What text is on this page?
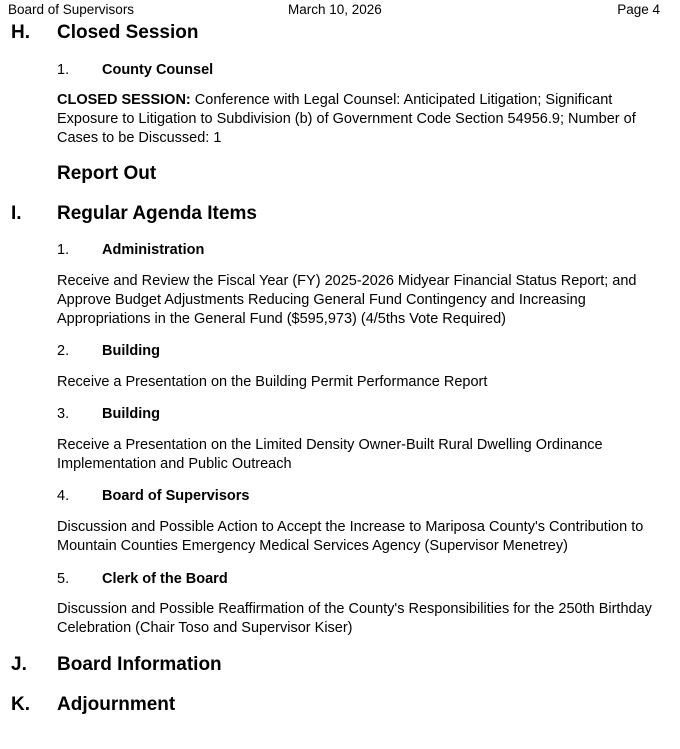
Board of Supervisors	March 10, 2026	Page 4
H. Closed Session
1. County Counsel
CLOSED SESSION: Conference with Legal Counsel: Anticipated Litigation; Significant Exposure to Litigation to Subdivision (b) of Government Code Section 54956.9; Number of Cases to be Discussed: 1
Report Out
I. Regular Agenda Items
1. Administration
Receive and Review the Fiscal Year (FY) 2025-2026 Midyear Financial Status Report; and Approve Budget Adjustments Reducing General Fund Contingency and Increasing Appropriations in the General Fund ($595,973) (4/5ths Vote Required)
2. Building
Receive a Presentation on the Building Permit Performance Report
3. Building
Receive a Presentation on the Limited Density Owner-Built Rural Dwelling Ordinance Implementation and Public Outreach
4. Board of Supervisors
Discussion and Possible Action to Accept the Increase to Mariposa County's Contribution to Mountain Counties Emergency Medical Services Agency (Supervisor Menetrey)
5. Clerk of the Board
Discussion and Possible Reaffirmation of the County's Responsibilities for the 250th Birthday Celebration (Chair Toso and Supervisor Kiser)
J. Board Information
K. Adjournment
